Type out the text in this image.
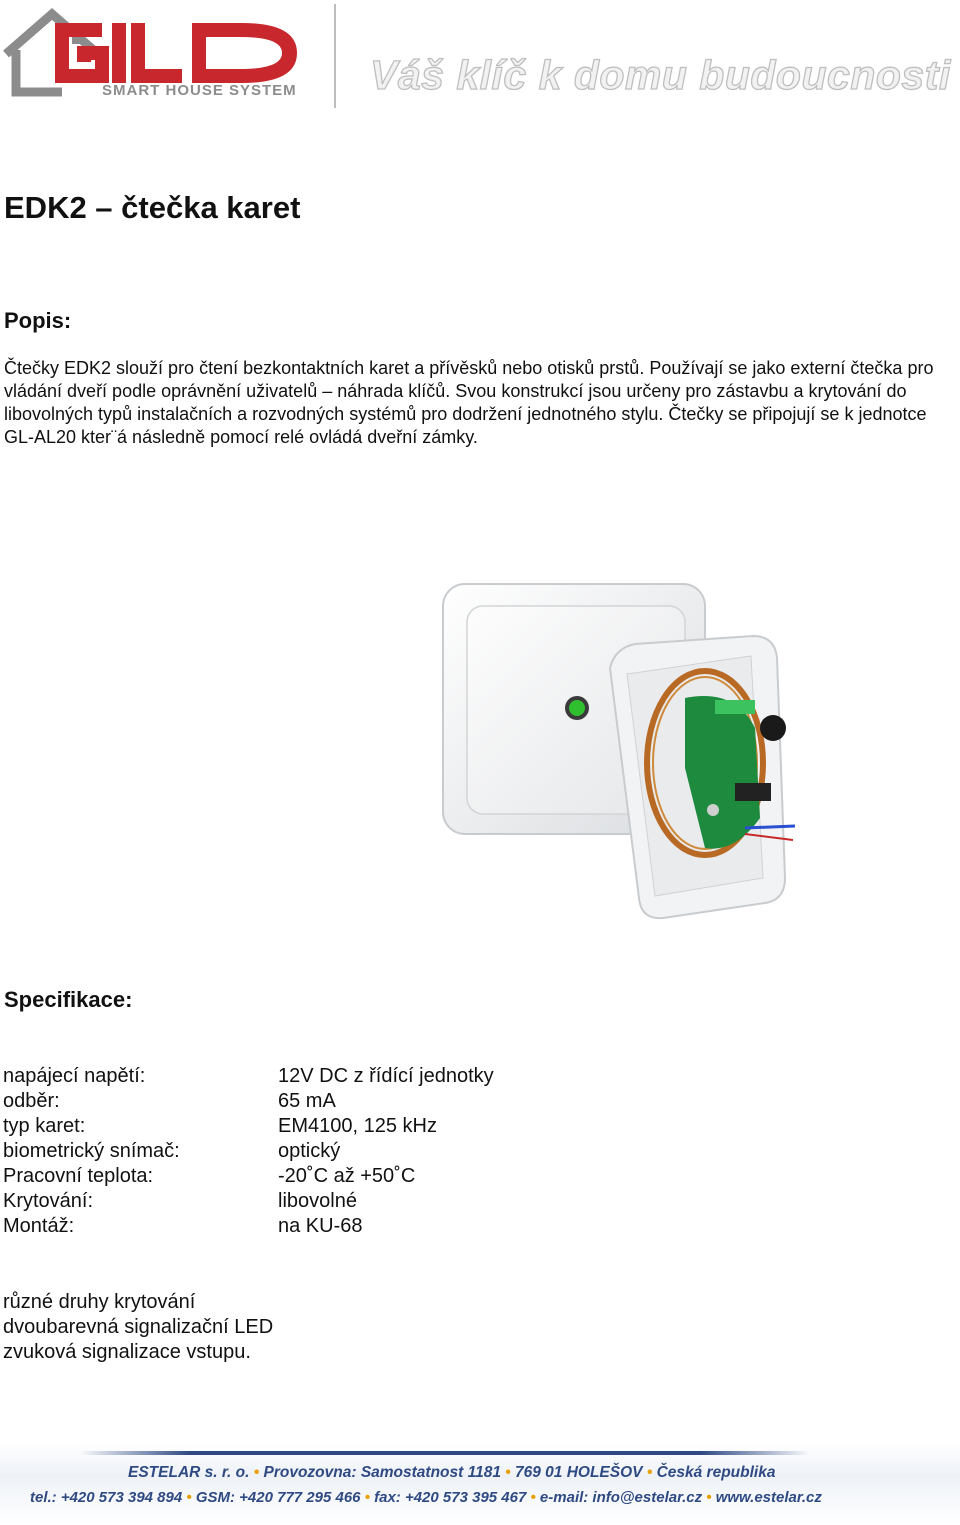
SMART HOUSE SYSTEM Váš klíč k domu budoucnosti
EDK2 – čtečka karet
Popis:

Čtečky EDK2 slouží pro čtení bezkontaktních karet a přívěsků nebo otisků prstů. Používají se jako externí čtečka pro vládání dveří podle oprávnění uživatelů – náhrada klíčů. Svou konstrukcí jsou určeny pro zástavbu a krytování do libovolných typů instalačních a rozvodných systémů pro dodržení jednotného stylu. Čtečky se připojují se k jednotce GL-AL20 kter¨á následně pomocí relé ovládá dveřní zámky.

Specifikace:
napájecí napětí:	12V DC z řídící jednotky
odběr:	65 mA
typ karet:	EM4100, 125 kHz
biometrický snímač:	optický
Pracovní teplota:	-20˚C až +50˚C
Krytování:	libovolné
Montáž:	na KU-68
různé druhy krytování
dvoubarevná signalizační LED
zvuková signalizace vstupu.
ESTELAR s. r. o. • Provozovna: Samostatnost 1181 • 769 01 HOLEŠOV • Česká republika
tel.: +420 573 394 894 • GSM: +420 777 295 466 • fax: +420 573 395 467 • e-mail: info@estelar.cz • www.estelar.cz
